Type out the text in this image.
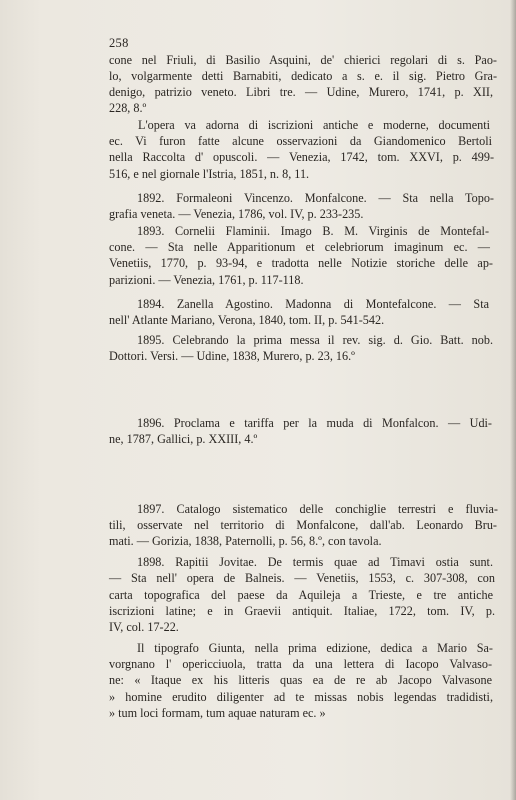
258
cone nel Friuli, di Basilio Asquini, de' chierici regolari di s. Pao-
lo, volgarmente detti Barnabiti, dedicato a s. e. il sig. Pietro Gra-
denigo, patrizio veneto. Libri tre. — Udine, Murero, 1741, p. XII,
228, 8.º
L'opera va adorna di iscrizioni antiche e moderne, documenti
ec. Vi furon fatte alcune osservazioni da Giandomenico Bertoli
nella Raccolta d' opuscoli. — Venezia, 1742, tom. XXVI, p. 499-
516, e nel giornale l'Istria, 1851, n. 8, 11.
1892. Formaleoni Vincenzo. Monfalcone. — Sta nella Topo-
grafia veneta. — Venezia, 1786, vol. IV, p. 233-235.
1893. Cornelii Flaminii. Imago B. M. Virginis de Montefal-
cone. — Sta nelle Apparitionum et celebriorum imaginum ec. —
Venetiis, 1770, p. 93-94, e tradotta nelle Notizie storiche delle ap-
parizioni. — Venezia, 1761, p. 117-118.
1894. Zanella Agostino. Madonna di Montefalcone. — Sta
nell' Atlante Mariano, Verona, 1840, tom. II, p. 541-542.
1895. Celebrando la prima messa il rev. sig. d. Gio. Batt. nob.
Dottori. Versi. — Udine, 1838, Murero, p. 23, 16.º
1896. Proclama e tariffa per la muda di Monfalcon. — Udi-
ne, 1787, Gallici, p. XXIII, 4.º
1897. Catalogo sistematico delle conchiglie terrestri e fluvia-
tili, osservate nel territorio di Monfalcone, dall'ab. Leonardo Bru-
mati. — Gorizia, 1838, Paternolli, p. 56, 8.º, con tavola.
1898. Rapitii Jovitae. De termis quae ad Timavi ostia sunt.
— Sta nell' opera de Balneis. — Venetiis, 1553, c. 307-308, con
carta topografica del paese da Aquileja a Trieste, e tre antiche
iscrizioni latine; e in Graevii antiquit. Italiae, 1722, tom. IV, p.
IV, col. 17-22.
Il tipografo Giunta, nella prima edizione, dedica a Mario Sa-
vorgnano l' opericciuola, tratta da una lettera di Iacopo Valvaso-
ne: « Itaque ex his litteris quas ea de re ab Jacopo Valvasone
» homine erudito diligenter ad te missas nobis legendas tradidisti,
» tum loci formam, tum aquae naturam ec. »
